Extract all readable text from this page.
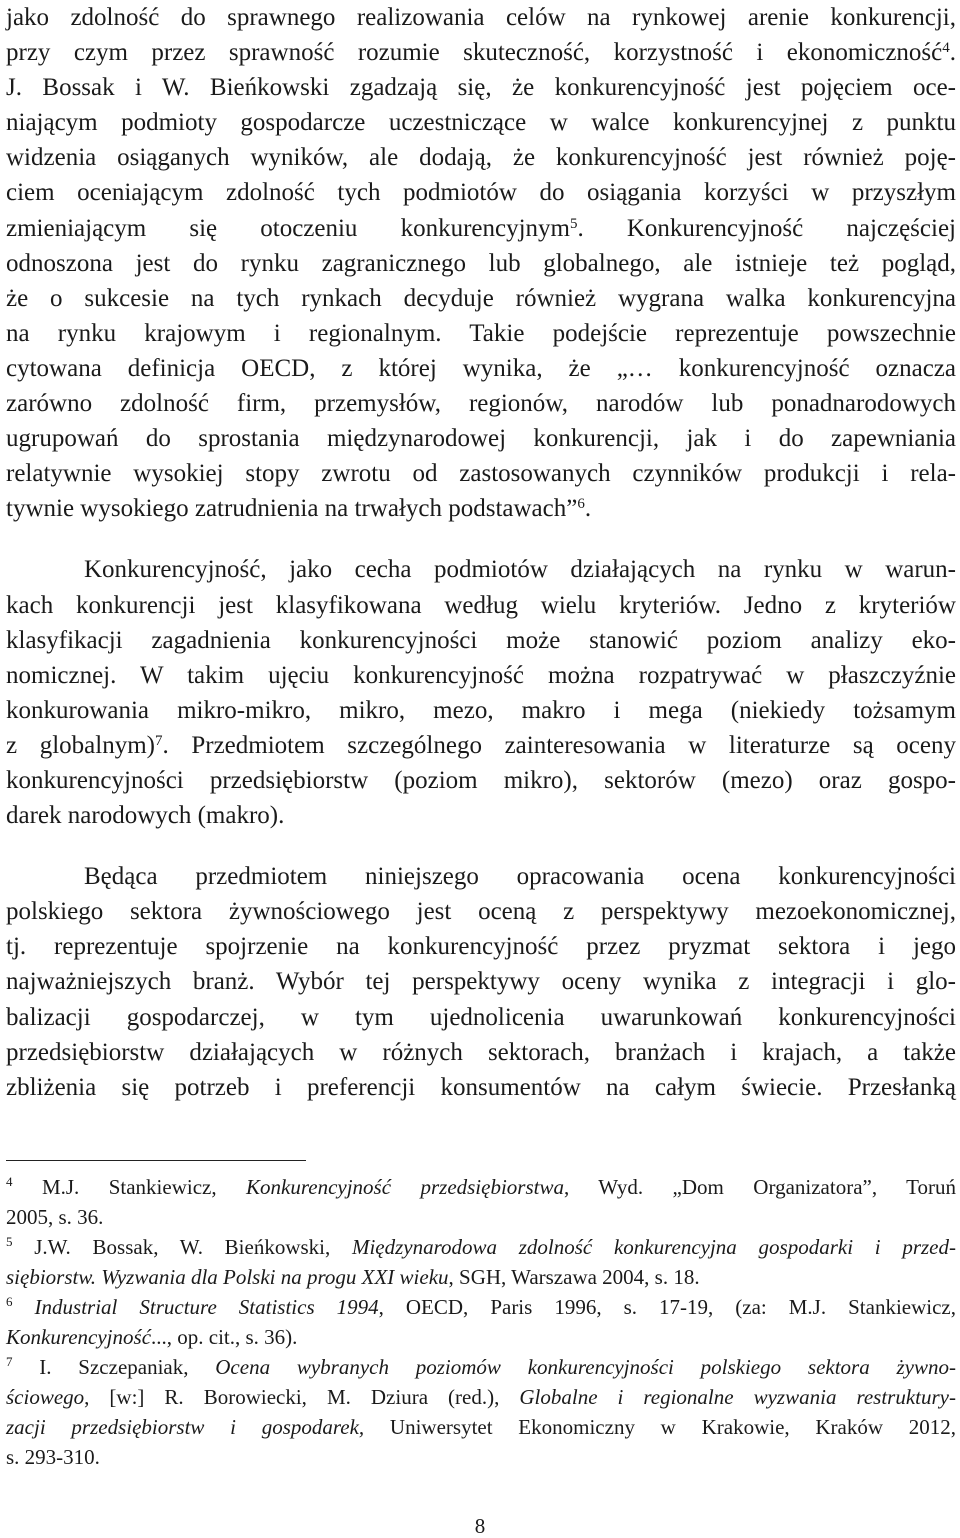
jako zdolność do sprawnego realizowania celów na rynkowej arenie konkurencji,
przy czym przez sprawność rozumie skuteczność, korzystność i ekonomiczność$^4$.
J. Bossak i W. Bieńkowski zgadzają się, że konkurencyjność jest pojęciem oce-
niającym podmioty gospodarcze uczestniczące w walce konkurencyjnej z punktu
widzenia osiąganych wyników, ale dodają, że konkurencyjność jest również poję-
ciem oceniającym zdolność tych podmiotów do osiągania korzyści w przyszłym
zmieniającym się otoczeniu konkurencyjnym$^5$. Konkurencyjność najczęściej
odnoszona jest do rynku zagranicznego lub globalnego, ale istnieje też pogląd,
że o sukcesie na tych rynkach decyduje również wygrana walka konkurencyjna
na rynku krajowym i regionalnym. Takie podejście reprezentuje powszechnie
cytowana definicja OECD, z której wynika, że „… konkurencyjność oznacza
zarówno zdolność firm, przemysłów, regionów, narodów lub ponadnarodowych
ugrupowań do sprostania międzynarodowej konkurencji, jak i do zapewniania
relatywnie wysokiej stopy zwrotu od zastosowanych czynników produkcji i rela-
tywnie wysokiego zatrudnienia na trwałych podstawach”$^6$.
Konkurencyjność, jako cecha podmiotów działających na rynku w warun-
kach konkurencji jest klasyfikowana według wielu kryteriów. Jedno z kryteriów
klasyfikacji zagadnienia konkurencyjności może stanowić poziom analizy eko-
nomicznej. W takim ujęciu konkurencyjność można rozpatrywać w płaszczyźnie
konkurowania mikro-mikro, mikro, mezo, makro i mega (niekiedy tożsamym
z globalnym)$^7$. Przedmiotem szczególnego zainteresowania w literaturze są oceny
konkurencyjności przedsiębiorstw (poziom mikro), sektorów (mezo) oraz gospo-
darek narodowych (makro).
Będąca przedmiotem niniejszego opracowania ocena konkurencyjności
polskiego sektora żywnościowego jest oceną z perspektywy mezoekonomicznej,
tj. reprezentuje spojrzenie na konkurencyjność przez pryzmat sektora i jego
najważniejszych branż. Wybór tej perspektywy oceny wynika z integracji i glo-
balizacji gospodarczej, w tym ujednolicenia uwarunkowań konkurencyjności
przedsiębiorstw działających w różnych sektorach, branżach i krajach, a także
zbliżenia się potrzeb i preferencji konsumentów na całym świecie. Przesłanką
$^4$ M.J. Stankiewicz, Konkurencyjność przedsiębiorstwa, Wyd. „Dom Organizatora”, Toruń
2005, s. 36.
$^5$ J.W. Bossak, W. Bieńkowski, Międzynarodowa zdolność konkurencyjna gospodarki i przed-
siębiorstw. Wyzwania dla Polski na progu XXI wieku, SGH, Warszawa 2004, s. 18.
$^6$ Industrial Structure Statistics 1994, OECD, Paris 1996, s. 17-19, (za: M.J. Stankiewicz,
Konkurencyjność..., op. cit., s. 36).
$^7$ I. Szczepaniak, Ocena wybranych poziomów konkurencyjności polskiego sektora żywno-
ściowego, [w:] R. Borowiecki, M. Dziura (red.), Globalne i regionalne wyzwania restruktury-
zacji przedsiębiorstw i gospodarek, Uniwersytet Ekonomiczny w Krakowie, Kraków 2012,
s. 293-310.
8
